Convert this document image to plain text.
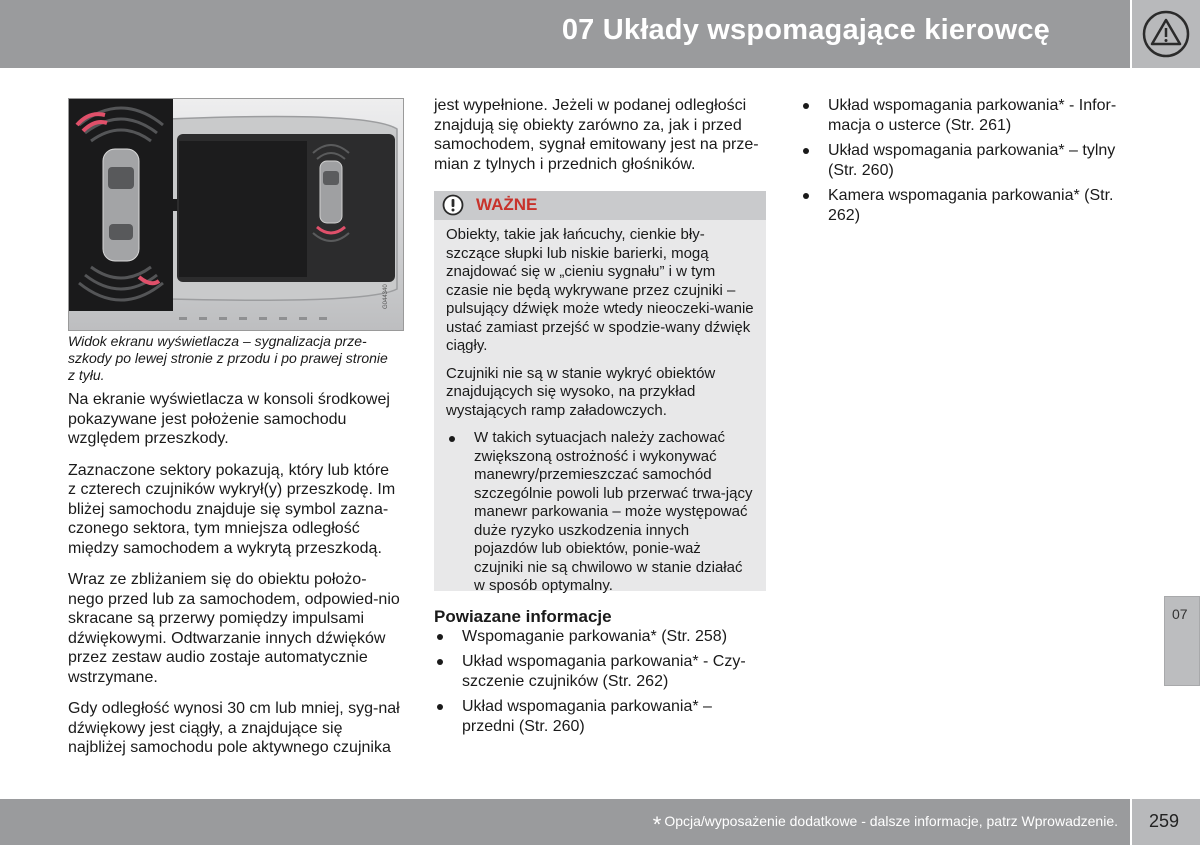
07 Układy wspomagające kierowcę
G044340

Widok ekranu wyświetlacza – sygnalizacja prze-szkody po lewej stronie z przodu i po prawej stronie z tyłu.

Na ekranie wyświetlacza w konsoli środkowej pokazywane jest położenie samochodu względem przeszkody.

Zaznaczone sektory pokazują, który lub które z czterech czujników wykrył(y) przeszkodę. Im bliżej samochodu znajduje się symbol zazna-czonego sektora, tym mniejsza odległość między samochodem a wykrytą przeszkodą.

Wraz ze zbliżaniem się do obiektu położo-nego przed lub za samochodem, odpowied-nio skracane są przerwy pomiędzy impulsami dźwiękowymi. Odtwarzanie innych dźwięków przez zestaw audio zostaje automatycznie wstrzymane.

Gdy odległość wynosi 30 cm lub mniej, syg-nał dźwiękowy jest ciągły, a znajdujące się najbliżej samochodu pole aktywnego czujnika

jest wypełnione. Jeżeli w podanej odległości znajdują się obiekty zarówno za, jak i przed samochodem, sygnał emitowany jest na prze-mian z tylnych i przednich głośników.

WAŻNE

Obiekty, takie jak łańcuchy, cienkie bły-szczące słupki lub niskie barierki, mogą znajdować się w „cieniu sygnału” i w tym czasie nie będą wykrywane przez czujniki – pulsujący dźwięk może wtedy nieoczeki-wanie ustać zamiast przejść w spodzie-wany dźwięk ciągły.

Czujniki nie są w stanie wykryć obiektów znajdujących się wysoko, na przykład wystających ramp załadowczych.

W takich sytuacjach należy zachować zwiększoną ostrożność i wykonywać manewry/przemieszczać samochód szczególnie powoli lub przerwać trwa-jący manewr parkowania – może występować duże ryzyko uszkodzenia innych pojazdów lub obiektów, ponie-waż czujniki nie są chwilowo w stanie działać w sposób optymalny.
Powiazane informacje
Wspomaganie parkowania* (Str. 258)
Układ wspomagania parkowania* - Czy-szczenie czujników (Str. 262)
Układ wspomagania parkowania* – przedni (Str. 260)
Układ wspomagania parkowania* - Infor-macja o usterce (Str. 261)
Układ wspomagania parkowania* – tylny (Str. 260)
Kamera wspomagania parkowania* (Str. 262)
07
* Opcja/wyposażenie dodatkowe - dalsze informacje, patrz Wprowadzenie. 259
